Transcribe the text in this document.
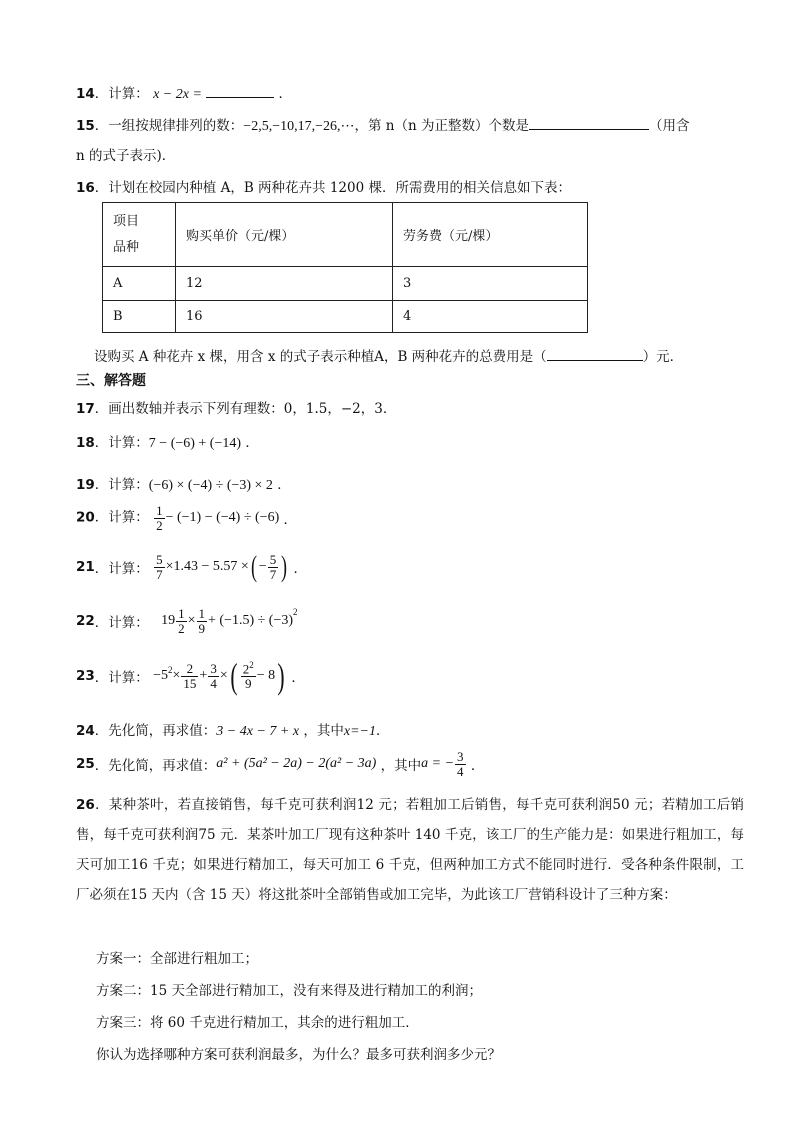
14．计算： x − 2x =	．
15．一组按规律排列的数：−2,5,−10,17,−26,⋯，第 n（n 为正整数）个数是	（用含
n 的式子表示)．
16．计划在校园内种植 A，B 两种花卉共 1200 棵．所需费用的相关信息如下表：
项目
品种	购买单价（元/棵）	劳务费（元/棵）
A	12	3
B	16	4
设购买 A 种花卉 x 棵，用含 x 的式子表示种植A，B 两种花卉的总费用是（	）元．
三、解答题
17．画出数轴并表示下列有理数：0，1.5，−2，3．
18．计算：7 − (−6) + (−14) ．
19．计算：(−6) × (−4) ÷ (−3) × 2 ．
20．计算： $\frac{1}{2} - (-1) - (-4) \div (-6)$ ．
21．计算： $\frac{5}{7} \times 1.43 - 5.57$ ×( − $\frac{5}{7}$ ) ．
22．计算： $19 \frac{1}{2} \times \frac{1}{9} + (-1.5) \div (-3)^2$
23．计算： $-5^2\times \frac{2}{15} + \frac{3}{4}$ ×( $\frac{2^2}{9} - 8$) ．
24．先化简，再求值：3 − 4x − 7 + x ，其中x=−1．
25．先化简，再求值：a² + (5a² − 2a) − 2(a² − 3a) ，其中a = − $\frac{3}{4}$ ．
26．某种茶叶，若直接销售，每千克可获利润12 元；若粗加工后销售，每千克可获利润50 元；若精加工后销售，每千克可获利润75 元．某茶叶加工厂现有这种茶叶 140 千克，该工厂的生产能力是：如果进行粗加工，每天可加工16 千克；如果进行精加工，每天可加工 6 千克，但两种加工方式不能同时进行．受各种条件限制，工厂必须在15 天内（含 15 天）将这批茶叶全部销售或加工完毕，为此该工厂营销科设计了三种方案：
方案一：全部进行粗加工；
方案二：15 天全部进行精加工，没有来得及进行精加工的利润；
方案三：将 60 千克进行精加工，其余的进行粗加工．
你认为选择哪种方案可获利润最多，为什么？最多可获利润多少元？
